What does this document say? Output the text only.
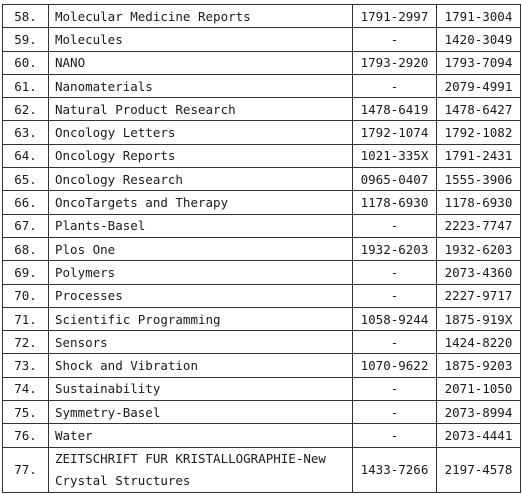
58.	Molecular Medicine Reports	1791-2997	1791-3004
59.	Molecules	-	1420-3049
60.	NANO	1793-2920	1793-7094
61.	Nanomaterials	-	2079-4991
62.	Natural Product Research	1478-6419	1478-6427
63.	Oncology Letters	1792-1074	1792-1082
64.	Oncology Reports	1021-335X	1791-2431
65.	Oncology Research	0965-0407	1555-3906
66.	OncoTargets and Therapy	1178-6930	1178-6930
67.	Plants-Basel	-	2223-7747
68.	Plos One	1932-6203	1932-6203
69.	Polymers	-	2073-4360
70.	Processes	-	2227-9717
71.	Scientific Programming	1058-9244	1875-919X
72.	Sensors	-	1424-8220
73.	Shock and Vibration	1070-9622	1875-9203
74.	Sustainability	-	2071-1050
75.	Symmetry-Basel	-	2073-8994
76.	Water	-	2073-4441
77.	ZEITSCHRIFT FUR KRISTALLOGRAPHIE-New Crystal Structures	1433-7266	2197-4578
